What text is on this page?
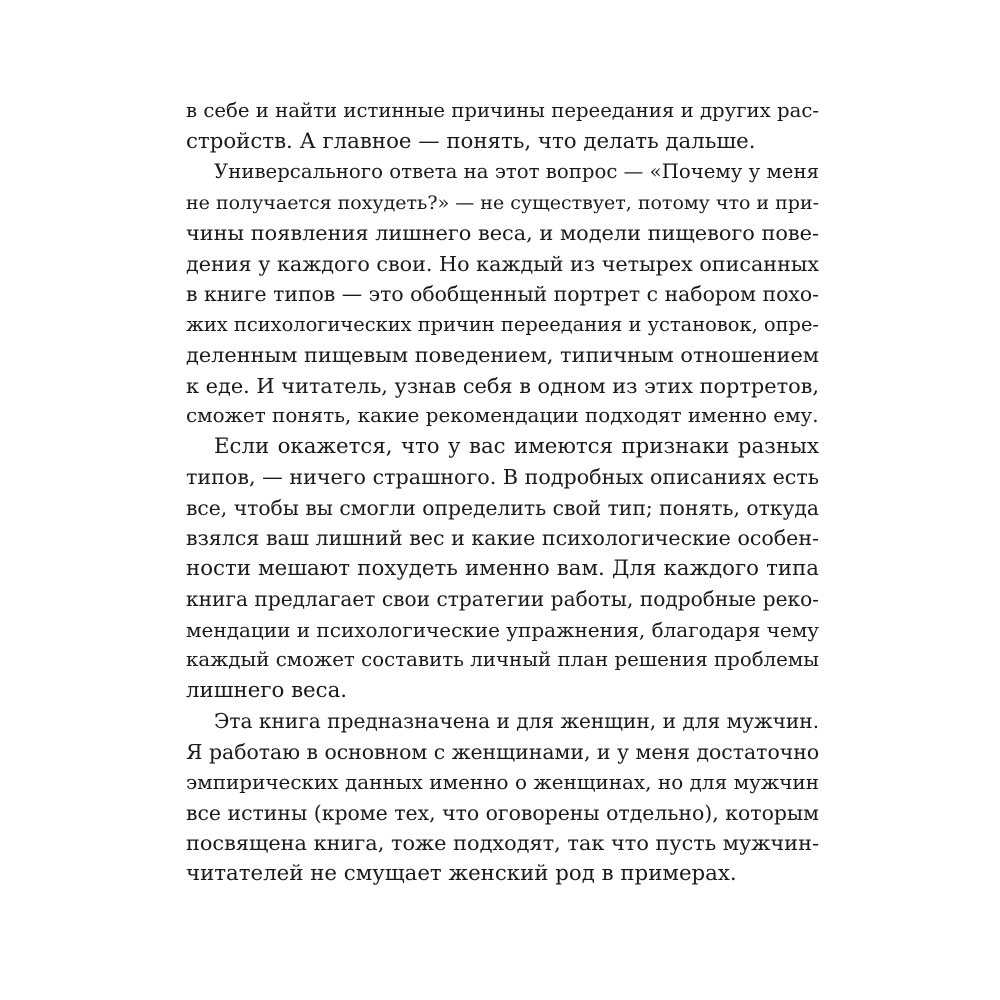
в себе и найти истинные причины переедания и других рас-
стройств. А главное — понять, что делать дальше.
Универсального ответа на этот вопрос — «Почему у меня
не получается похудеть?» — не существует, потому что и при-
чины появления лишнего веса, и модели пищевого пове-
дения у каждого свои. Но каждый из четырех описанных
в книге типов — это обобщенный портрет с набором похо-
жих психологических причин переедания и установок, опре-
деленным пищевым поведением, типичным отношением
к еде. И читатель, узнав себя в одном из этих портретов,
сможет понять, какие рекомендации подходят именно ему.
Если окажется, что у вас имеются признаки разных
типов, — ничего страшного. В подробных описаниях есть
все, чтобы вы смогли определить свой тип; понять, откуда
взялся ваш лишний вес и какие психологические особен-
ности мешают похудеть именно вам. Для каждого типа
книга предлагает свои стратегии работы, подробные реко-
мендации и психологические упражнения, благодаря чему
каждый сможет составить личный план решения проблемы
лишнего веса.
Эта книга предназначена и для женщин, и для мужчин.
Я работаю в основном с женщинами, и у меня достаточно
эмпирических данных именно о женщинах, но для мужчин
все истины (кроме тех, что оговорены отдельно), которым
посвящена книга, тоже подходят, так что пусть мужчин-
читателей не смущает женский род в примерах.
